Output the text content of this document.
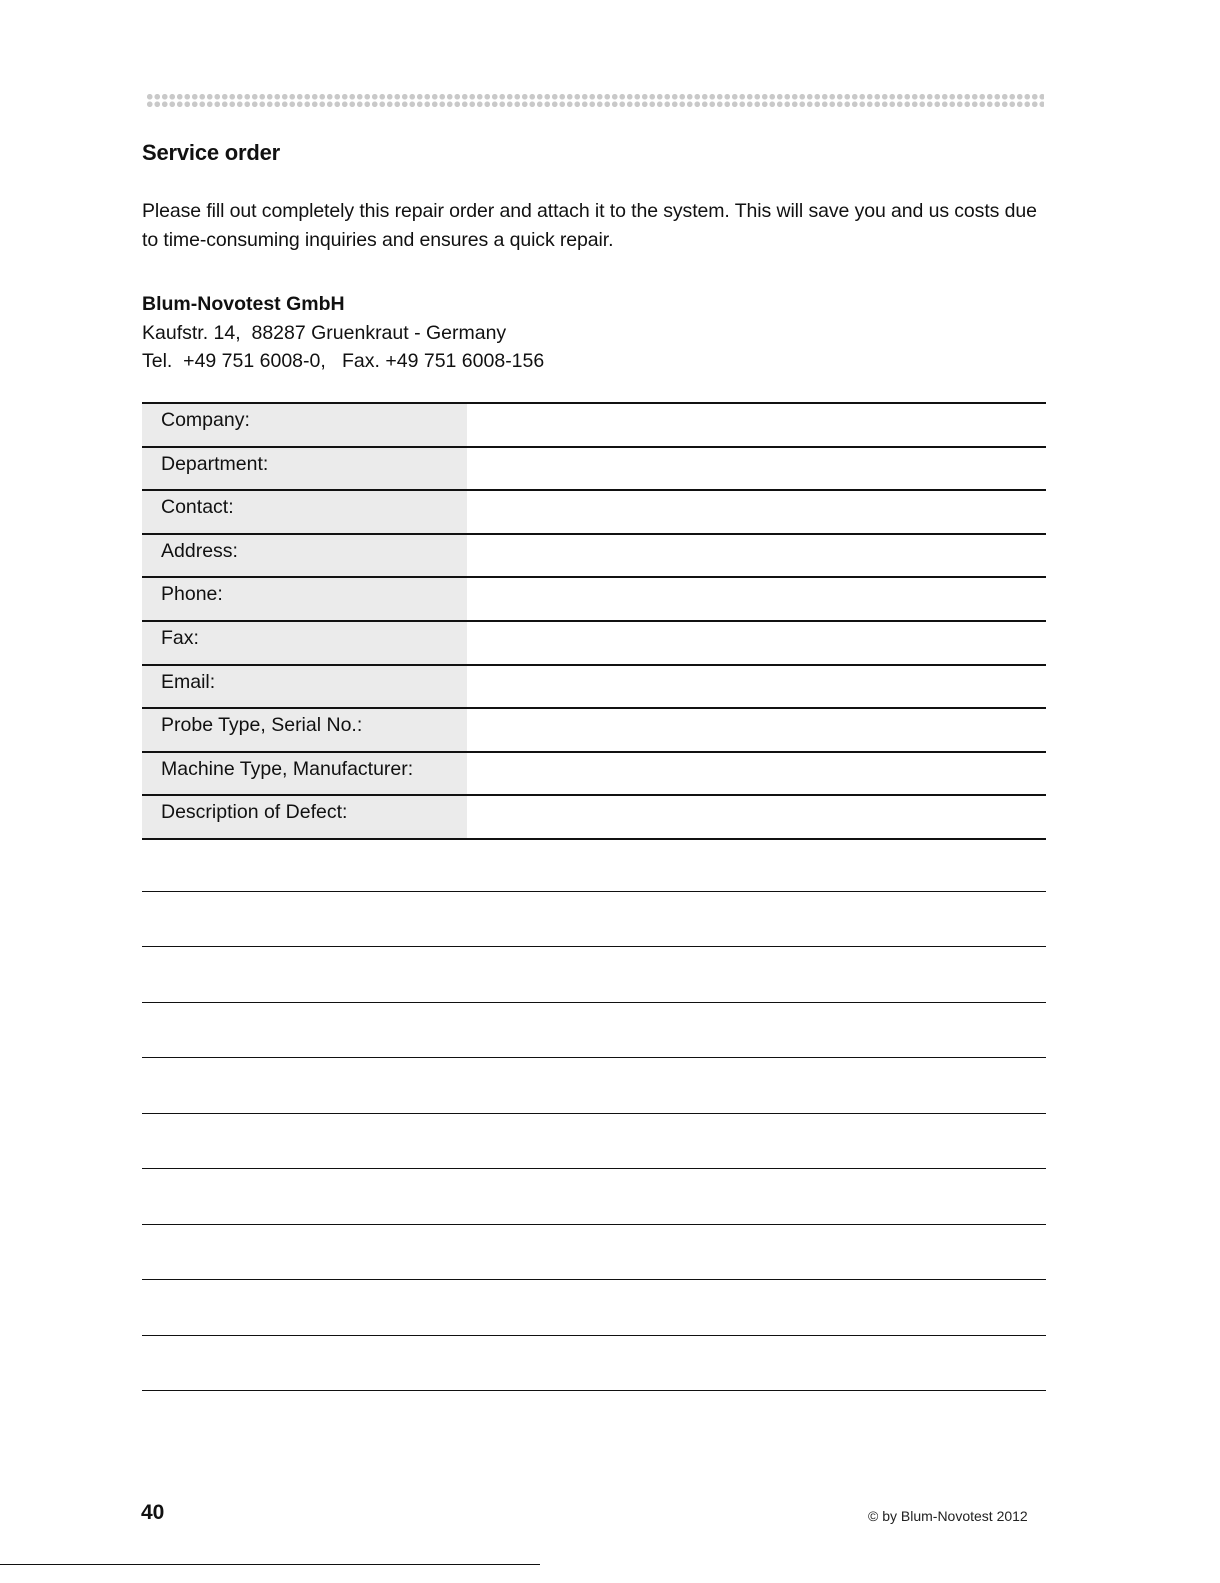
Service order

Please fill out completely this repair order and attach it to the system. This will save you and us costs due to time-consuming inquiries and ensures a quick repair.

Blum-Novotest GmbH
Kaufstr. 14,  88287 Gruenkraut - Germany
Tel.  +49 751 6008-0,   Fax. +49 751 6008-156
Company:	
Department:	
Contact:	
Address:	
Phone:	
Fax:	
Email:	
Probe Type, Serial No.:	
Machine Type, Manufacturer:	
Description of Defect:	
40	© by Blum-Novotest 2012
